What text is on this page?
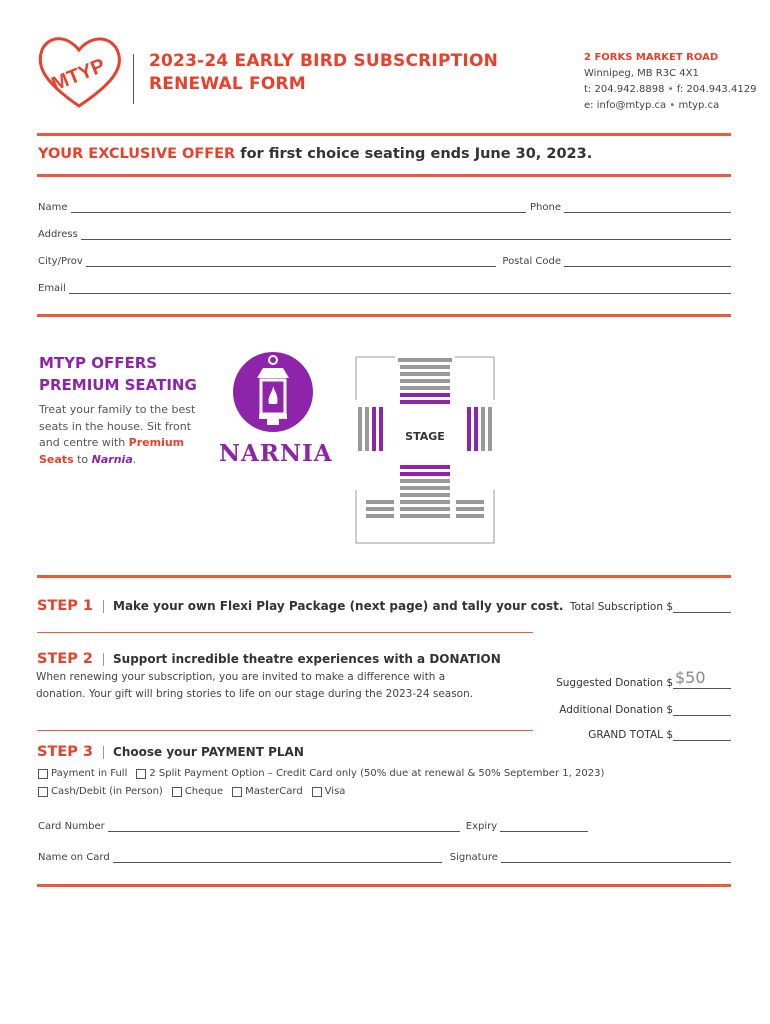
MTYP 2023-24 EARLY BIRD SUBSCRIPTION
RENEWAL FORM
2 FORKS MARKET ROAD
Winnipeg, MB R3C 4X1
t: 204.942.8898 • f: 204.943.4129
e: info@mtyp.ca • mtyp.ca
YOUR EXCLUSIVE OFFER for first choice seating ends June 30, 2023.
Name	Phone
Address
City/Prov	Postal Code
Email
MTYP OFFERS
PREMIUM SEATING
Treat your family to the best seats in the house. Sit front and centre with Premium Seats to Narnia.	NARNIA
STAGE
STEP 1 Make your own Flexi Play Package (next page) and tally your cost. Total Subscription $
STEP 2 Support incredible theatre experiences with a DONATION
When renewing your subscription, you are invited to make a difference with a
donation. Your gift will bring stories to life on our stage during the 2023-24 season.
Suggested Donation $ $50
Additional Donation $
GRAND TOTAL $
STEP 3 Choose your PAYMENT PLAN
Payment in Full 2 Split Payment Option – Credit Card only (50% due at renewal & 50% September 1, 2023)
Cash/Debit (in Person) Cheque MasterCard Visa
Card Number	Expiry
Name on Card	Signature
